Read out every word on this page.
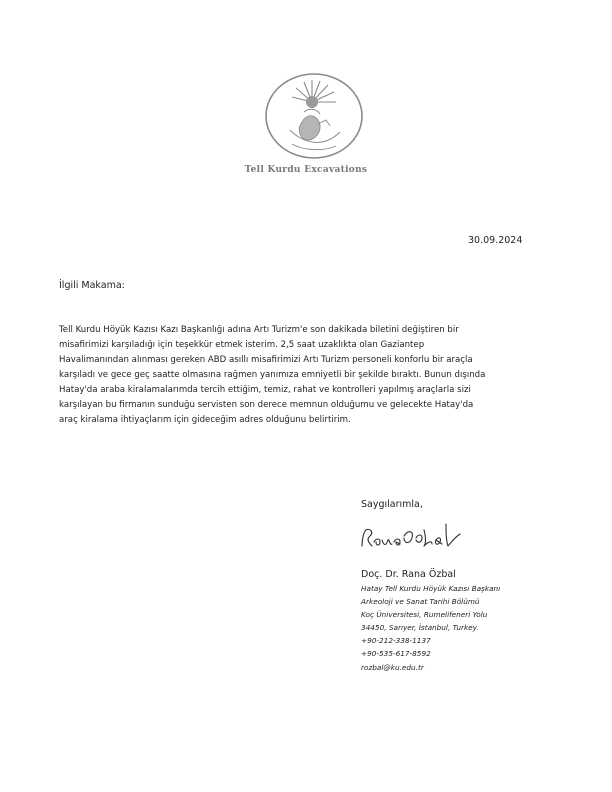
Tell Kurdu Excavations
30.09.2024
İlgili Makama:
Tell Kurdu Höyük Kazısı Kazı Başkanlığı adına Artı Turizm'e son dakikada biletini değiştiren bir
misafirimizi karşıladığı için teşekkür etmek isterim. 2,5 saat uzaklıkta olan Gaziantep
Havalimanından alınması gereken ABD asıllı misafirimizi Artı Turizm personeli konforlu bir araçla
karşıladı ve gece geç saatte olmasına rağmen yanımıza emniyetli bir şekilde bıraktı. Bunun dışında
Hatay'da araba kiralamalarımda tercih ettiğim, temiz, rahat ve kontrolleri yapılmış araçlarla sizi
karşılayan bu firmanın sunduğu servisten son derece memnun olduğumu ve gelecekte Hatay'da
araç kiralama ihtiyaçlarım için gideceğim adres olduğunu belirtirim.
Saygılarımla,
Doç. Dr. Rana Özbal
Hatay Tell Kurdu Höyük Kazısı Başkanı
Arkeoloji ve Sanat Tarihi Bölümü
Koç Üniversitesi, Rumelifeneri Yolu
34450, Sarıyer, İstanbul, Turkey.
+90-212-338-1137
+90-535-617-8592
rozbal@ku.edu.tr
